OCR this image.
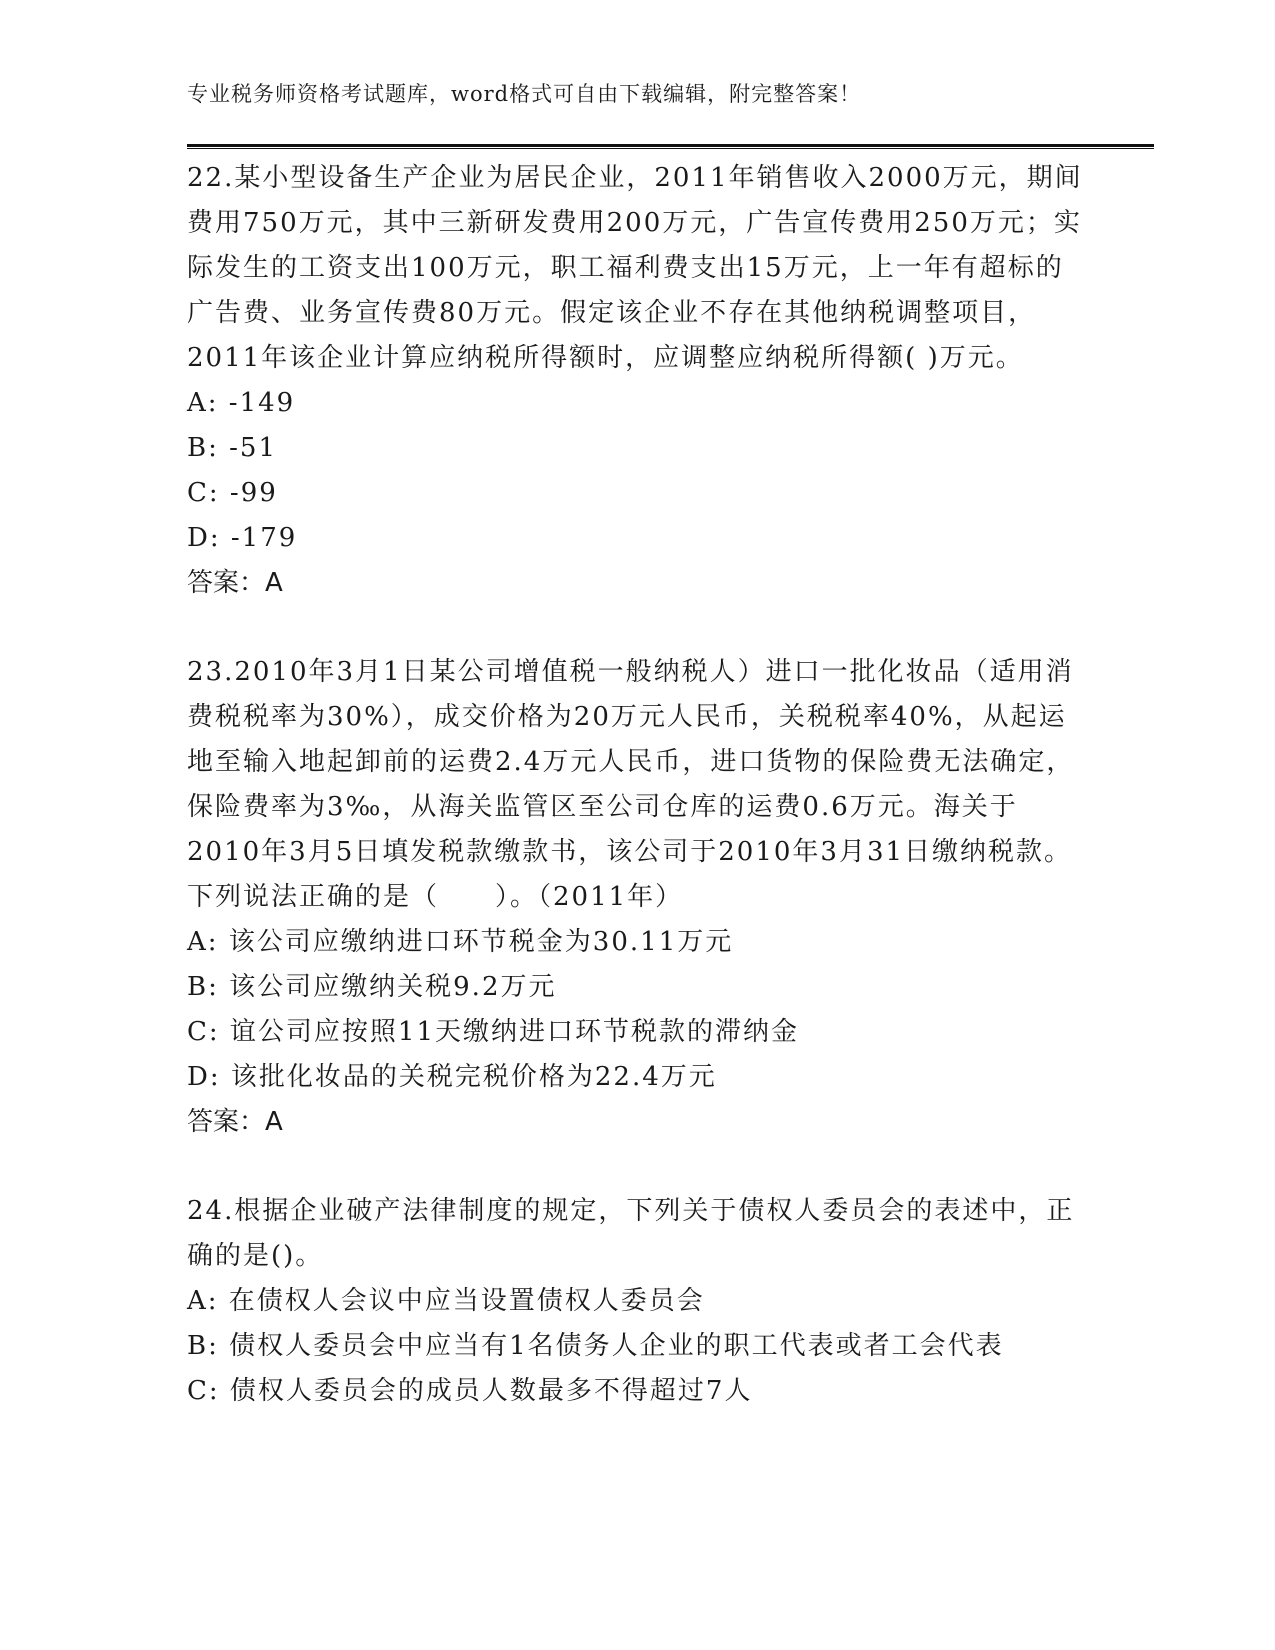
专业税务师资格考试题库，word格式可自由下载编辑，附完整答案！

22.某小型设备生产企业为居民企业，2011年销售收入2000万元，期间费用750万元，其中三新研发费用200万元，广告宣传费用250万元；实际发生的工资支出100万元，职工福利费支出15万元，上一年有超标的广告费、业务宣传费80万元。假定该企业不存在其他纳税调整项目，2011年该企业计算应纳税所得额时，应调整应纳税所得额( )万元。

A: -149

B: -51

C: -99

D: -179

答案：A

23.2010年3月1日某公司增值税一般纳税人）进口一批化妆品（适用消费税税率为30%），成交价格为20万元人民币，关税税率40%，从起运地至输入地起卸前的运费2.4万元人民币，进口货物的保险费无法确定，保险费率为3‰，从海关监管区至公司仓库的运费0.6万元。海关于2010年3月5日填发税款缴款书，该公司于2010年3月31日缴纳税款。下列说法正确的是（　　）。（2011年）

A: 该公司应缴纳进口环节税金为30.11万元

B: 该公司应缴纳关税9.2万元

C: 谊公司应按照11天缴纳进口环节税款的滞纳金

D: 该批化妆品的关税完税价格为22.4万元

答案：A

24.根据企业破产法律制度的规定，下列关于债权人委员会的表述中，正确的是()。

A: 在债权人会议中应当设置债权人委员会

B: 债权人委员会中应当有1名债务人企业的职工代表或者工会代表

C: 债权人委员会的成员人数最多不得超过7人
